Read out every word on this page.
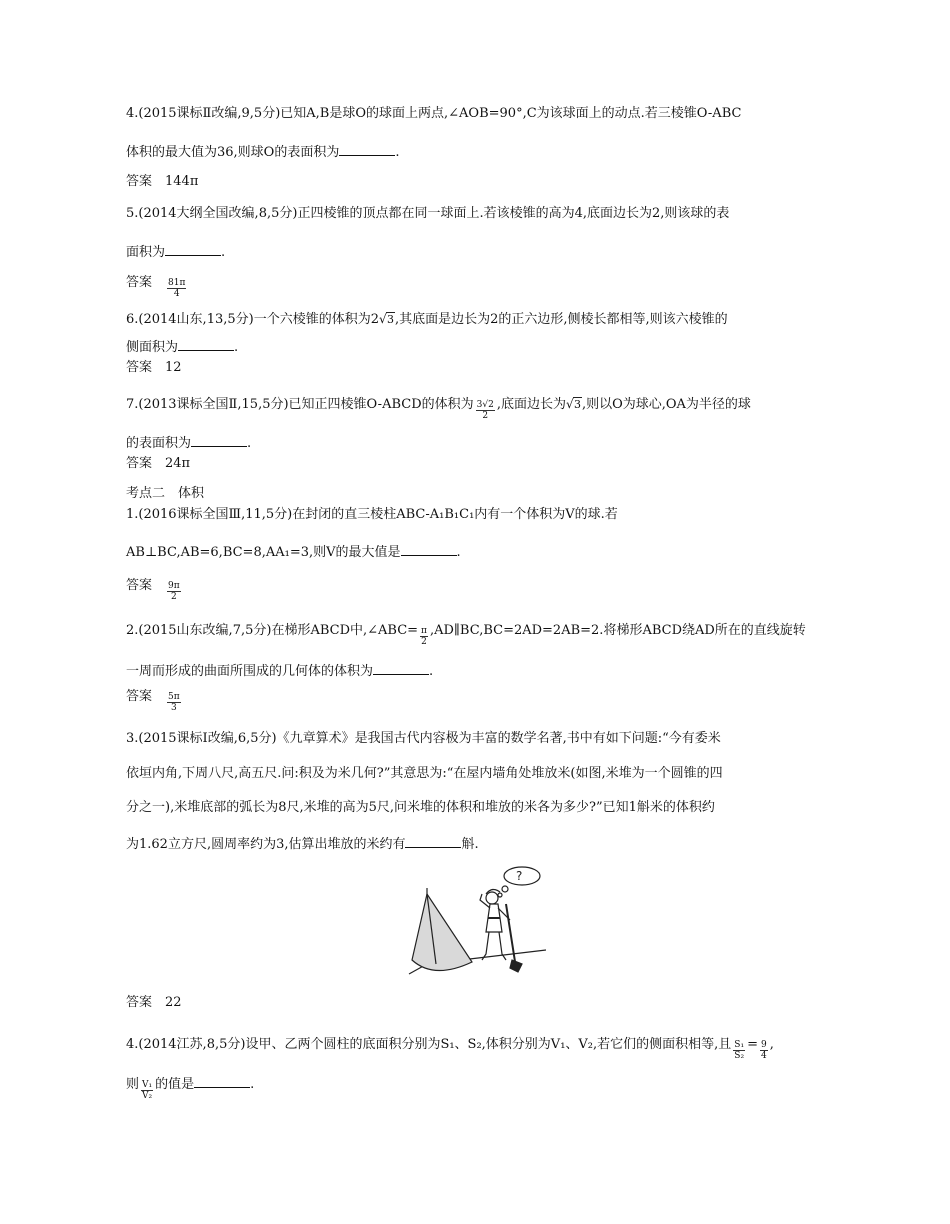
4.(2015课标Ⅱ改编,9,5分)已知A,B是球O的球面上两点,∠AOB=90°,C为该球面上的动点.若三棱锥O-ABC
体积的最大值为36,则球O的表面积为	.
答案　144π
5.(2014大纲全国改编,8,5分)正四棱锥的顶点都在同一球面上.若该棱锥的高为4,底面边长为2,则该球的表
面积为	.
答案　 $\frac{81\pi}{4}$
6.(2014山东,13,5分)一个六棱锥的体积为2 √ 3,其底面是边长为2的正六边形,侧棱长都相等,则该六棱锥的
侧面积为	.
答案　12
7.(2013课标全国Ⅱ,15,5分)已知正四棱锥O-ABCD的体积为 $\frac{3√2}{2}$ ,底面边长为 √ 3,则以O为球心,OA为半径的球
的表面积为	.
答案　24π
考点二　体积
1.(2016课标全国Ⅲ,11,5分)在封闭的直三棱柱ABC-A₁B₁C₁内有一个体积为V的球.若
AB⊥BC,AB=6,BC=8,AA₁=3,则V的最大值是	.
答案　 $\frac{9\pi}{2}$
2.(2015山东改编,7,5分)在梯形ABCD中,∠ABC= $\frac{\pi}{2}$ ,AD∥BC,BC=2AD=2AB=2.将梯形ABCD绕AD所在的直线旋转
一周而形成的曲面所围成的几何体的体积为	.
答案　 $\frac{5\pi}{3}$
3.(2015课标Ⅰ改编,6,5分)《九章算术》是我国古代内容极为丰富的数学名著,书中有如下问题:“今有委米
依垣内角,下周八尺,高五尺.问:积及为米几何?”其意思为:“在屋内墙角处堆放米(如图,米堆为一个圆锥的四
分之一),米堆底部的弧长为8尺,米堆的高为5尺,问米堆的体积和堆放的米各为多少?”已知1斛米的体积约
为1.62立方尺,圆周率约为3,估算出堆放的米约有	斛.
?
答案　22
4.(2014江苏,8,5分)设甲、乙两个圆柱的底面积分别为S₁、S₂,体积分别为V₁、V₂,若它们的侧面积相等,且 $\frac{\text{S₁}}{\text{S₂}} = \frac{9}{4}$ ,
则 $\frac{\text{V₁}}{\text{V₂}}$ 的值是	.
